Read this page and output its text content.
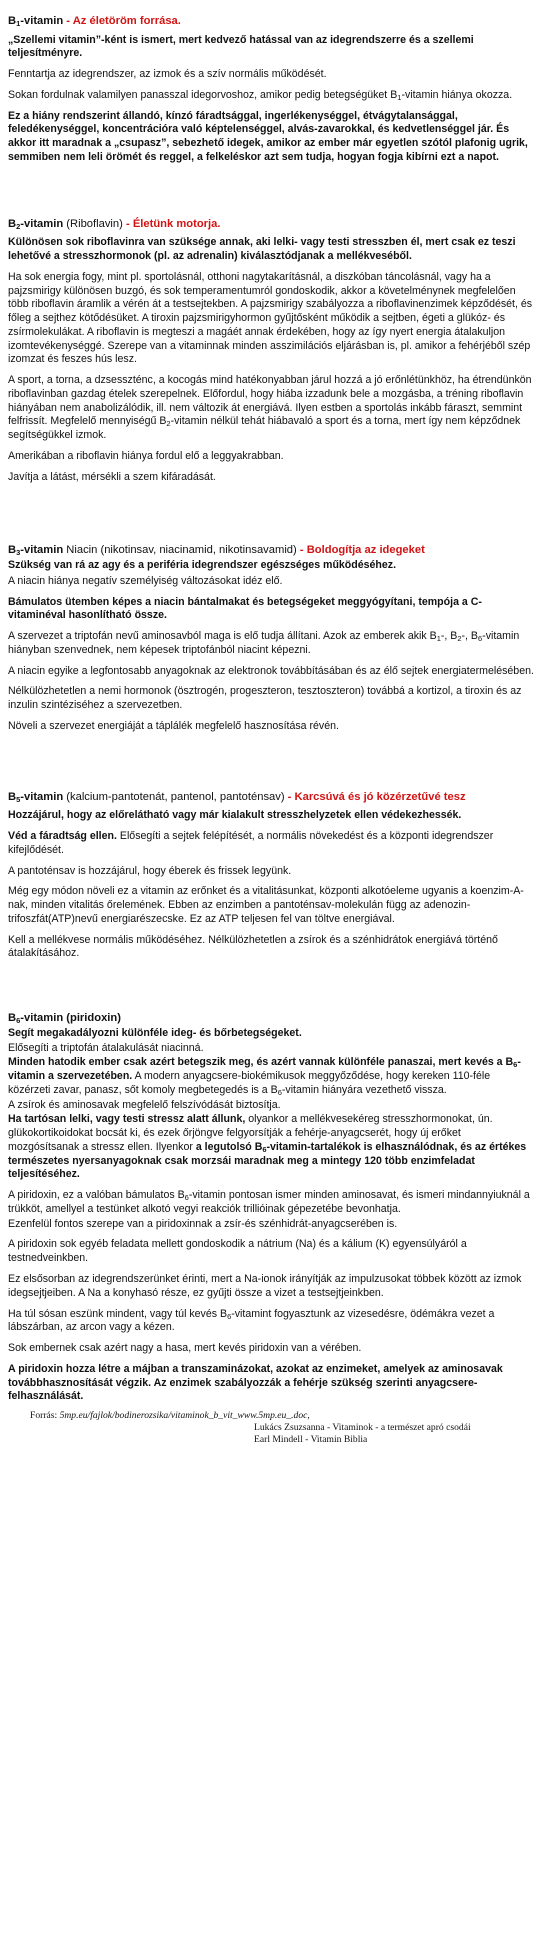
$B_1$-vitamin - Az életöröm forrása.

„Szellemi vitamin”-ként is ismert, mert kedvező hatással van az idegrendszerre és a szellemi teljesítményre.

Fenntartja az idegrendszer, az izmok és a szív normális működését.

Sokan fordulnak valamilyen panasszal idegorvoshoz, amikor pedig betegségüket $B_1$-vitamin hiánya okozza.

Ez a hiány rendszerint állandó, kínzó fáradtsággal, ingerlékenységgel, étvágytalansággal, feledékenységgel, koncentrációra való képtelenséggel, alvás-zavarokkal, és kedvetlenséggel jár. És akkor itt maradnak a „csupasz”, sebezhető idegek, amikor az ember már egyetlen szótól plafonig ugrik, semmiben nem leli örömét és reggel, a felkeléskor azt sem tudja, hogyan fogja kibírni ezt a napot.

$B_2$-vitamin (Riboflavin) - Életünk motorja.

Különösen sok riboflavinra van szüksége annak, aki lelki- vagy testi stresszben él, mert csak ez teszi lehetővé a stresszhormonok (pl. az adrenalin) kiválasztódjanak a mellékveséből.

Ha sok energia fogy, mint pl. sportolásnál, otthoni nagytakarításnál, a diszkóban táncolásnál, vagy ha a pajzsmirigy különösen buzgó, és sok temperamentumról gondoskodik, akkor a követelménynek megfelelően több riboflavin áramlik a vérén át a testsejtekben. A pajzsmirigy szabályozza a riboflavinenzimek képződését, és főleg a sejthez kötődésüket. A tiroxin pajzsmirigyhormon gyűjtősként működik a sejtben, égeti a glükóz- és zsírmolekulákat. A riboflavin is megteszi a magáét annak érdekében, hogy az így nyert energia átalakuljon izomtevékenységgé. Szerepe van a vitaminnak minden asszimilációs eljárásban is, pl. amikor a fehérjéből szép izomzat és feszes hús lesz.

A sport, a torna, a dzsesszténc, a kocogás mind hatékonyabban járul hozzá a jó erőnlétünkhöz, ha étrendünkön riboflavinban gazdag ételek szerepelnek. Előfordul, hogy hiába izzadunk bele a mozgásba, a tréning riboflavin hiányában nem anabolizálódik, ill. nem változik át energiává. Ilyen estben a sportolás inkább fáraszt, semmint felfrissít. Megfelelő mennyiségű $B_2$-vitamin nélkül tehát hiábavaló a sport és a torna, mert így nem képződnek segítségükkel izmok.

Amerikában a riboflavin hiánya fordul elő a leggyakrabban.

Javítja a látást, mérsékli a szem kifáradását.

$B_3$-vitamin Niacin (nikotinsav, niacinamid, nikotinsavamid) - Boldogítja az idegeket

Szükség van rá az agy és a periféria idegrendszer egészséges működéséhez.

A niacin hiánya negatív személyiség változásokat idéz elő.

Bámulatos ütemben képes a niacin bántalmakat és betegségeket meggyógyítani, tempója a C-vitaminéval hasonlítható össze.

A szervezet a triptofán nevű aminosavból maga is elő tudja állítani. Azok az emberek akik $B_1-$, $B_2-$, $B_6$-vitamin hiányban szenvednek, nem képesek triptofánból niacint képezni.

A niacin egyike a legfontosabb anyagoknak az elektronok továbbításában és az élő sejtek energiatermelésében.

Nélkülözhetetlen a nemi hormonok (ösztrogén, progeszteron, tesztoszteron) továbbá a kortizol, a tiroxin és az inzulin szintéziséhez a szervezetben.

Növeli a szervezet energiáját a táplálék megfelelő hasznosítása révén.

$B_5$-vitamin (kalcium-pantotenát, pantenol, pantoténsav) - Karcsúvá és jó közérzetűvé tesz

Hozzájárul, hogy az előrelátható vagy már kialakult stresszhelyzetek ellen védekezhessék.

Véd a fáradtság ellen. Elősegíti a sejtek felépítését, a normális növekedést és a központi idegrendszer kifejlődését.

A pantoténsav is hozzájárul, hogy éberek és frissek legyünk.

Még egy módon növeli ez a vitamin az erőnket és a vitalitásunkat, központi alkotóeleme ugyanis a koenzim-A-nak, minden vitalitás őrelemének. Ebben az enzimben a pantoténsav-molekulán függ az adenozin-trifoszfát(ATP)nevű energiarészecske. Ez az ATP teljesen fel van töltve energiával.

Kell a mellékvese normális működéséhez. Nélkülözhetetlen a zsírok és a szénhidrátok energiává történő átalakításához.

$B_6$-vitamin (piridoxin)

Segít megakadályozni különféle ideg- és bőrbetegségeket.

Elősegíti a triptofán átalakulását niacinná.

Minden hatodik ember csak azért betegszik meg, és azért vannak különféle panaszai, mert kevés a $B_6$-vitamin a szervezetében. A modern anyagcsere-biokémikusok meggyőződése, hogy kereken 110-féle közérzeti zavar, panasz, sőt komoly megbetegedés is a $B_6$-vitamin hiányára vezethető vissza.

A zsírok és aminosavak megfelelő felszívódását biztosítja.

Ha tartósan lelki, vagy testi stressz alatt állunk, olyankor a mellékvesekéreg stresszhormonokat, ún. glükokortikoidokat bocsát ki, és ezek őrjöngve felgyorsítják a fehérje-anyagcserét, hogy új erőket mozgósítsanak a stressz ellen. Ilyenkor a legutolsó $B_6-vitamin$-tartalékok is elhasználódnak, és az értékes természetes nyersanyagoknak csak morzsái maradnak meg a mintegy 120 több enzimfeladat teljesítéséhez.

A piridoxin, ez a valóban bámulatos $B_6$-vitamin pontosan ismer minden aminosavat, és ismeri mindannyiuknál a trükköt, amellyel a testünket alkotó vegyi reakciók trillióinak gépezetébe bevonhatja.

Ezenfelül fontos szerepe van a piridoxinnak a zsír-és szénhidrát-anyagcserében is.

A piridoxin sok egyéb feladata mellett gondoskodik a nátrium (Na) és a kálium (K) egyensúlyáról a testnedveinkben.

Ez elsősorban az idegrendszerünket érinti, mert a Na-ionok irányítják az impulzusokat többek között az izmok idegsejtjeiben. A Na a konyhasó része, ez gyűjti össze a vizet a testsejtjeinkben.

Ha túl sósan eszünk mindent, vagy túl kevés $B_6$-vitamint fogyasztunk az vizesedésre, ödémákra vezet a lábszárban, az arcon vagy a kézen.

Sok embernek csak azért nagy a hasa, mert kevés piridoxin van a vérében.

A piridoxin hozza létre a májban a transzaminázokat, azokat az enzimeket, amelyek az aminosavak továbbhasznosítását végzik. Az enzimek szabályozzák a fehérje szükség szerinti anyagcsere-felhasználását.

Forrás: 5mp.eu/fajlok/bodinerozsika/vitaminok_b_vit_www.5mp.eu_.doc,
Lukács Zsuzsanna - Vitaminok - a természet apró csodái
Earl Mindell - Vitamin Biblia
